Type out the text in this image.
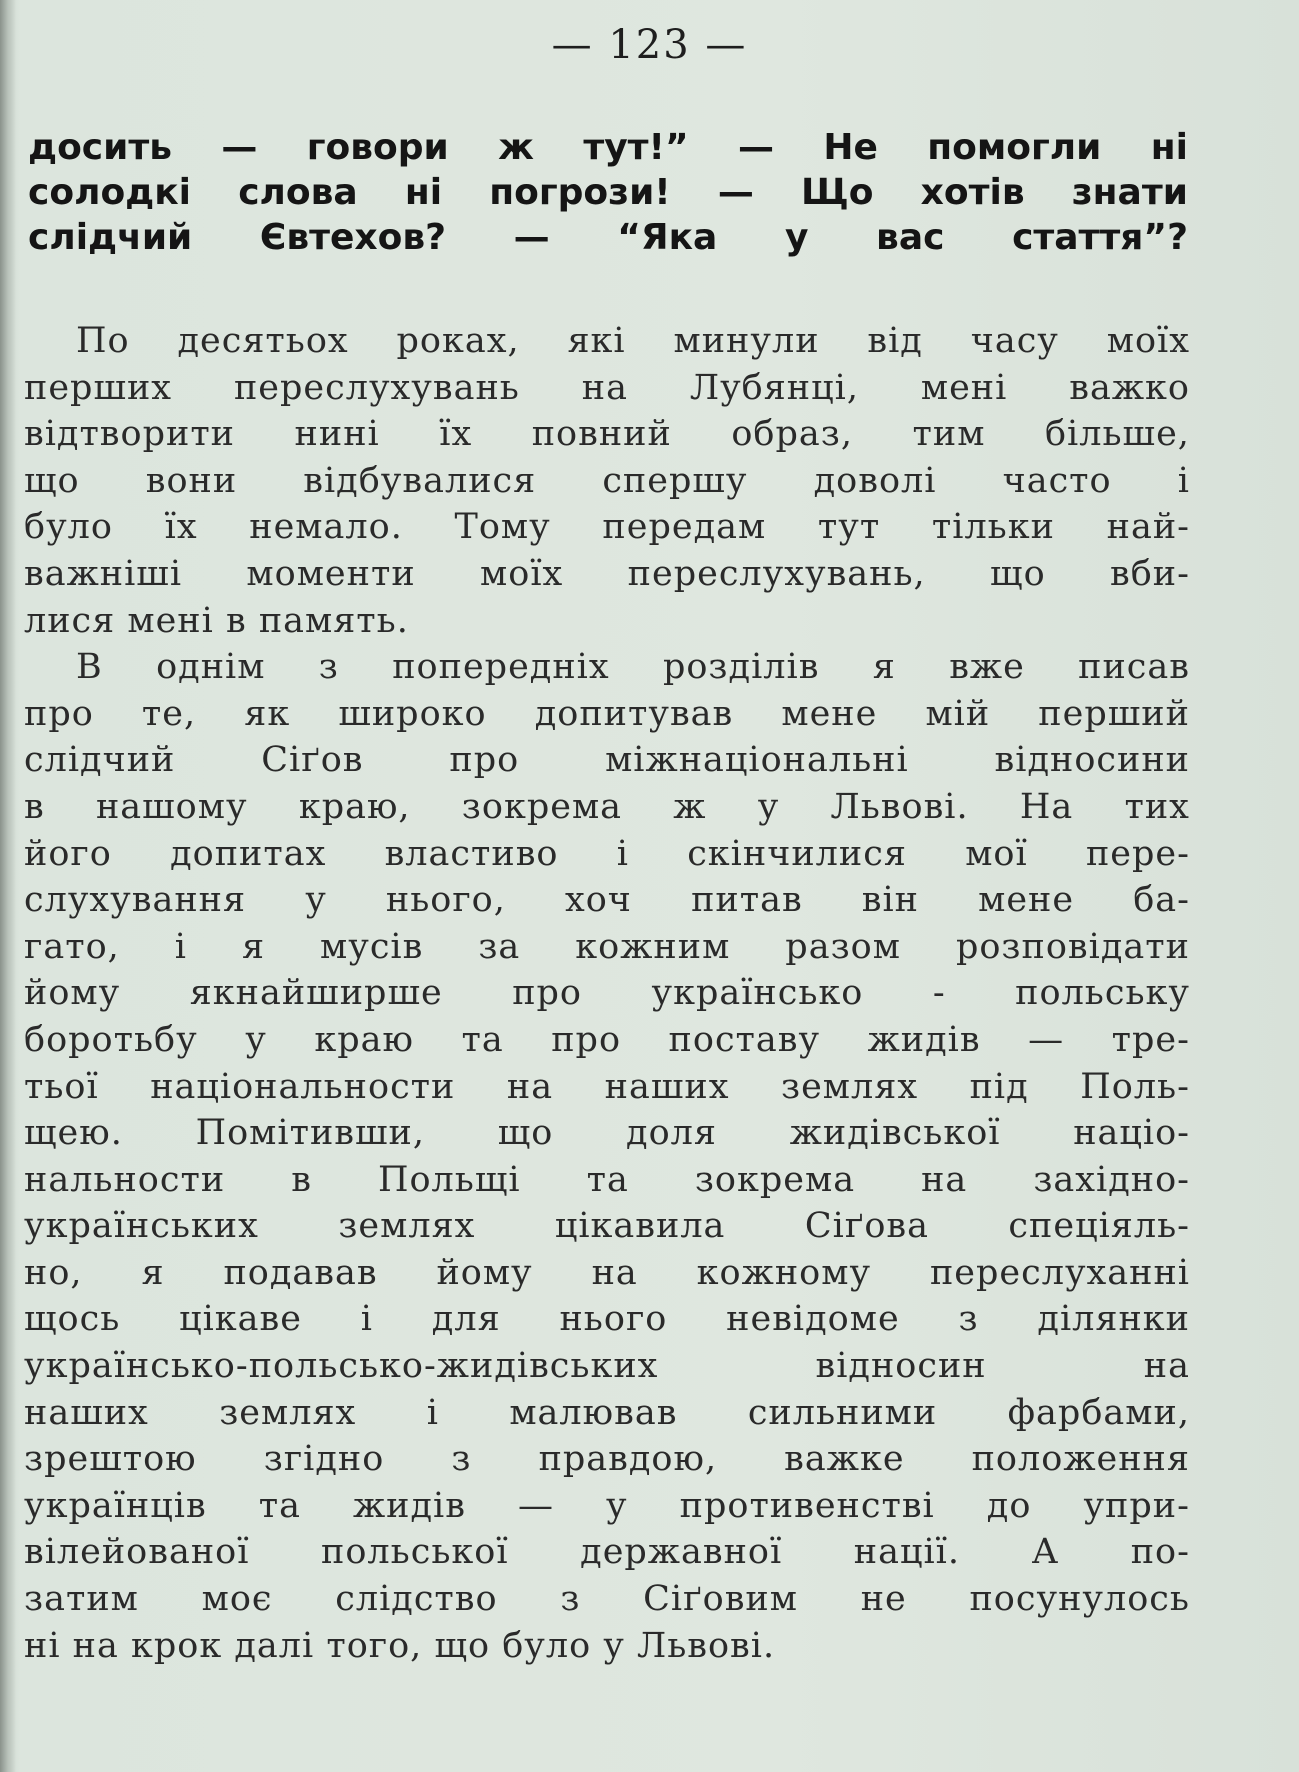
— 123 —
досить — говори ж тут!” — Не помогли ні
солодкі слова ні погрози! — Що хотів знати
слідчий Євтехов? — “Яка у вас стаття”?
По десятьох роках, які минули від часу моїх
перших переслухувань на Лубянці, мені важко
відтворити нині їх повний образ, тим більше,
що вони відбувалися спершу доволі часто і
було їх немало. Тому передам тут тільки най-
важніші моменти моїх переслухувань, що вби-
лися мені в память.
В однім з попередніх розділів я вже писав
про те, як широко допитував мене мій перший
слідчий Сіґов про міжнаціональні відносини
в нашому краю, зокрема ж у Львові. На тих
його допитах властиво і скінчилися мої пере-
слухування у нього, хоч питав він мене ба-
гато, і я мусів за кожним разом розповідати
йому якнайширше про українсько - польську
боротьбу у краю та про поставу жидів — тре-
тьої національности на наших землях під Поль-
щею. Помітивши, що доля жидівської націо-
нальности в Польщі та зокрема на західно-
українських землях цікавила Сіґова спеціяль-
но, я подавав йому на кожному переслуханні
щось цікаве і для нього невідоме з ділянки
українсько-польсько-жидівських	відносин	на
наших землях і малював сильними фарбами,
зрештою згідно з правдою, важке положення
українців та жидів — у противенстві до упри-
вілейованої польської державної нації. А по-
затим моє слідство з Сіґовим не посунулось
ні на крок далі того, що було у Львові.
